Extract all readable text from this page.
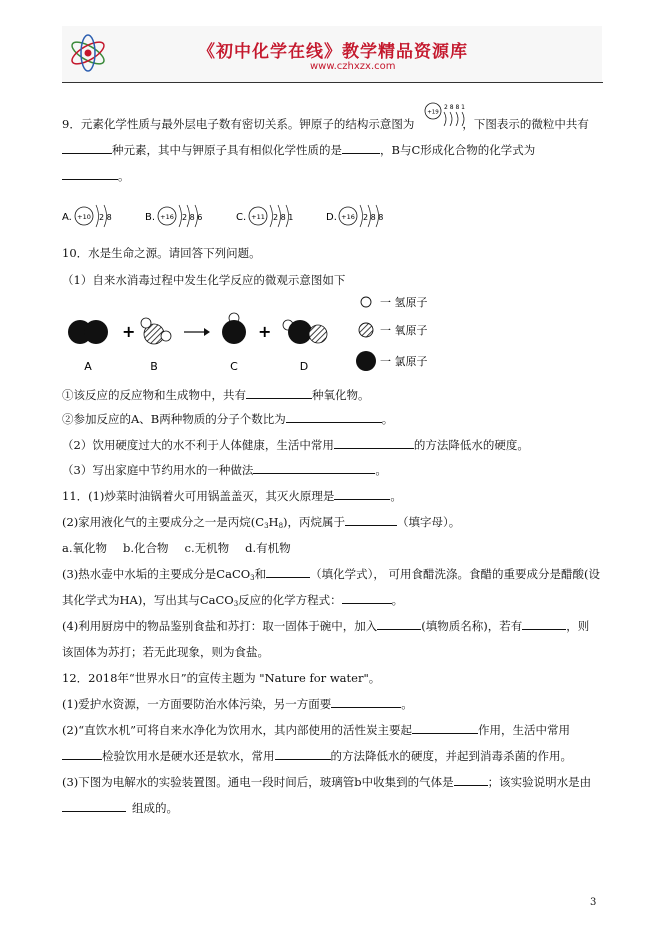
《初中化学在线》教学精品资源库
www.czhxzx.com
9．元素化学性质与最外层电子数有密切关系。钾原子的结构示意图为	，下图表示的微粒中共有
+19
2 8 8 1
种元素，其中与钾原子具有相似化学性质的是	，B与C形成化合物的化学式为
。
A. +10 2 8	B. +16 2 8 6	C. +11 2 8 1	D. +16 2 8 8
10．水是生命之源。请回答下列问题。
（1）自来水消毒过程中发生化学反应的微观示意图如下
+	+
A	B	C	D
一 氢原子
一 氧原子
一 氯原子
①该反应的反应物和生成物中，共有	种氧化物。
②参加反应的A、B两种物质的分子个数比为	。
（2）饮用硬度过大的水不利于人体健康，生活中常用	的方法降低水的硬度。
（3）写出家庭中节约用水的一种做法	。
11．(1)炒菜时油锅着火可用锅盖盖灭，其灭火原理是	。
(2)家用液化气的主要成分之一是丙烷$(C_3H_8)$，丙烷属于	（填字母）。
a.氧化物 b.化合物 c.无机物 d.有机物
(3)热水壶中水垢的主要成分是CaCO$_3$和	（填化学式）， 可用食醋洗涤。食醋的重要成分是醋酸(设
其化学式为HA)，写出其与CaCO$_3$反应的化学方程式：	。
(4)利用厨房中的物品鉴别食盐和苏打：取一固体于碗中，加入	(填物质名称)，若有	，则
该固体为苏打；若无此现象，则为食盐。
12．2018年“世界水日”的宣传主题为 "Nature for water"。
(1)爱护水资源，一方面要防治水体污染，另一方面要	。
(2)“直饮水机”可将自来水净化为饮用水，其内部使用的活性炭主要起	作用，生活中常用
检验饮用水是硬水还是软水，常用	的方法降低水的硬度，并起到消毒杀菌的作用。
(3)下图为电解水的实验装置图。通电一段时间后，玻璃管b中收集到的气体是	；该实验说明水是由
组成的。
3
